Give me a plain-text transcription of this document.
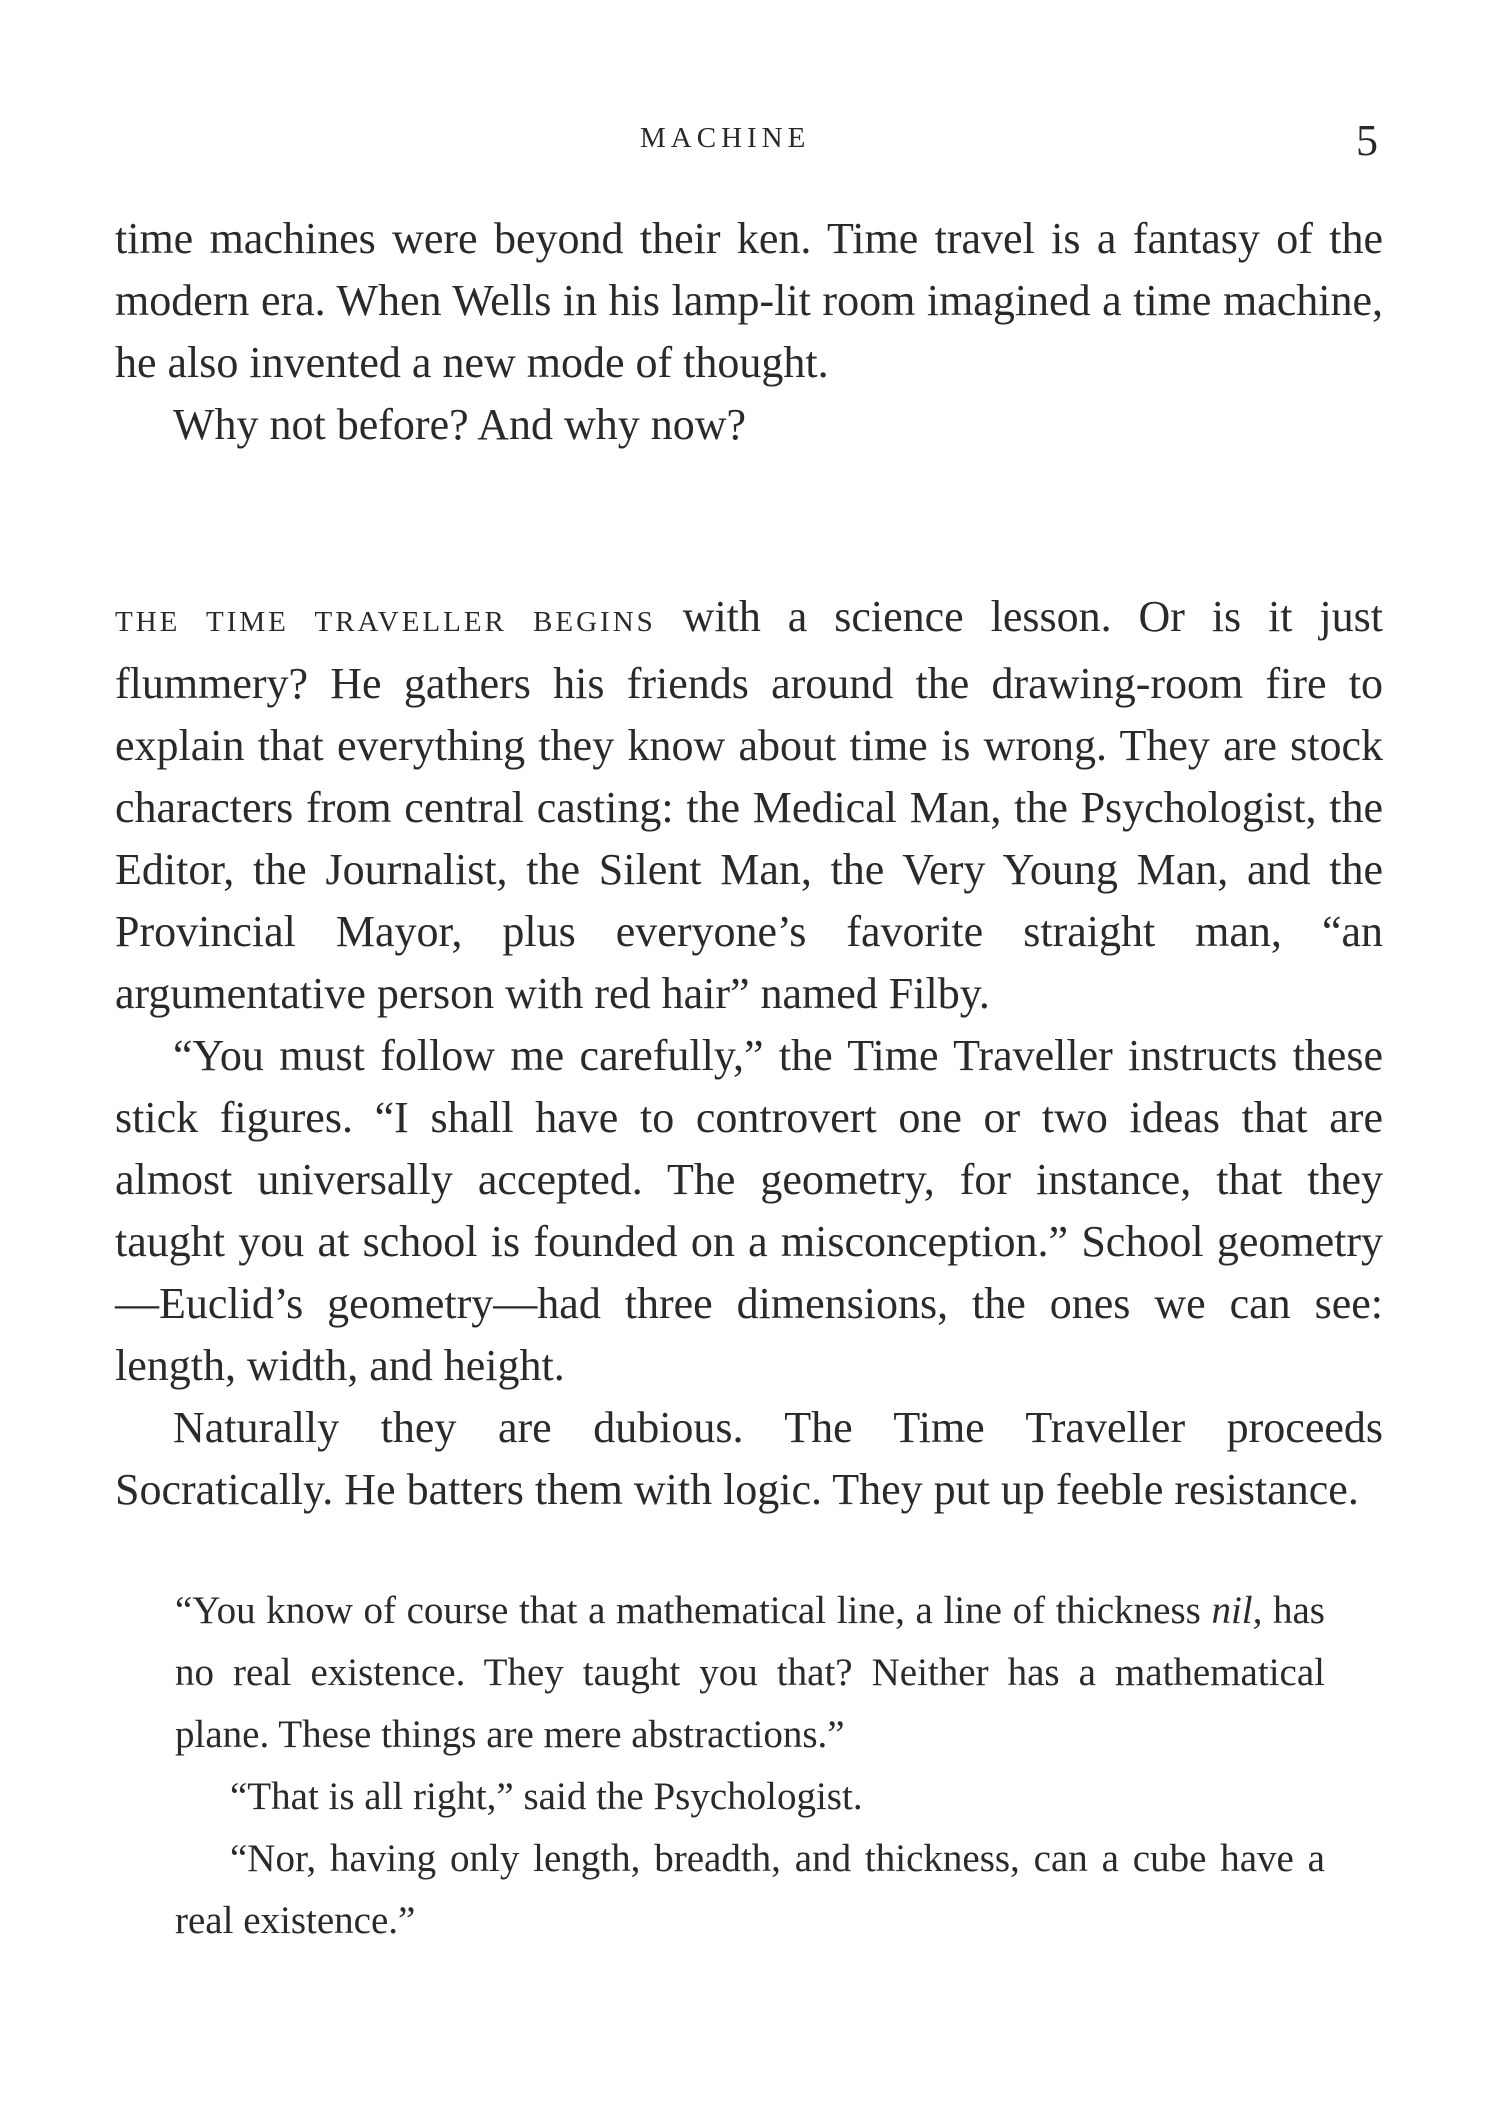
MACHINE	5

time machines were beyond their ken. Time travel is a fantasy of the modern era. When Wells in his lamp-lit room imagined a time machine, he also invented a new mode of thought.

Why not before? And why now?

THE TIME TRAVELLER BEGINS with a science lesson. Or is it just flummery? He gathers his friends around the drawing-room fire to explain that everything they know about time is wrong. They are stock characters from central casting: the Medical Man, the Psychologist, the Editor, the Journalist, the Silent Man, the Very Young Man, and the Provincial Mayor, plus everyone’s favorite straight man, “an argumentative person with red hair” named Filby.

“You must follow me carefully,” the Time Traveller instructs these stick figures. “I shall have to controvert one or two ideas that are almost universally accepted. The geometry, for instance, that they taught you at school is founded on a misconception.” School geometry—Euclid’s geometry—had three dimensions, the ones we can see: length, width, and height.

Naturally they are dubious. The Time Traveller proceeds Socratically. He batters them with logic. They put up feeble resistance.

“You know of course that a mathematical line, a line of thickness nil, has no real existence. They taught you that? Neither has a mathematical plane. These things are mere abstractions.”

“That is all right,” said the Psychologist.

“Nor, having only length, breadth, and thickness, can a cube have a real existence.”
